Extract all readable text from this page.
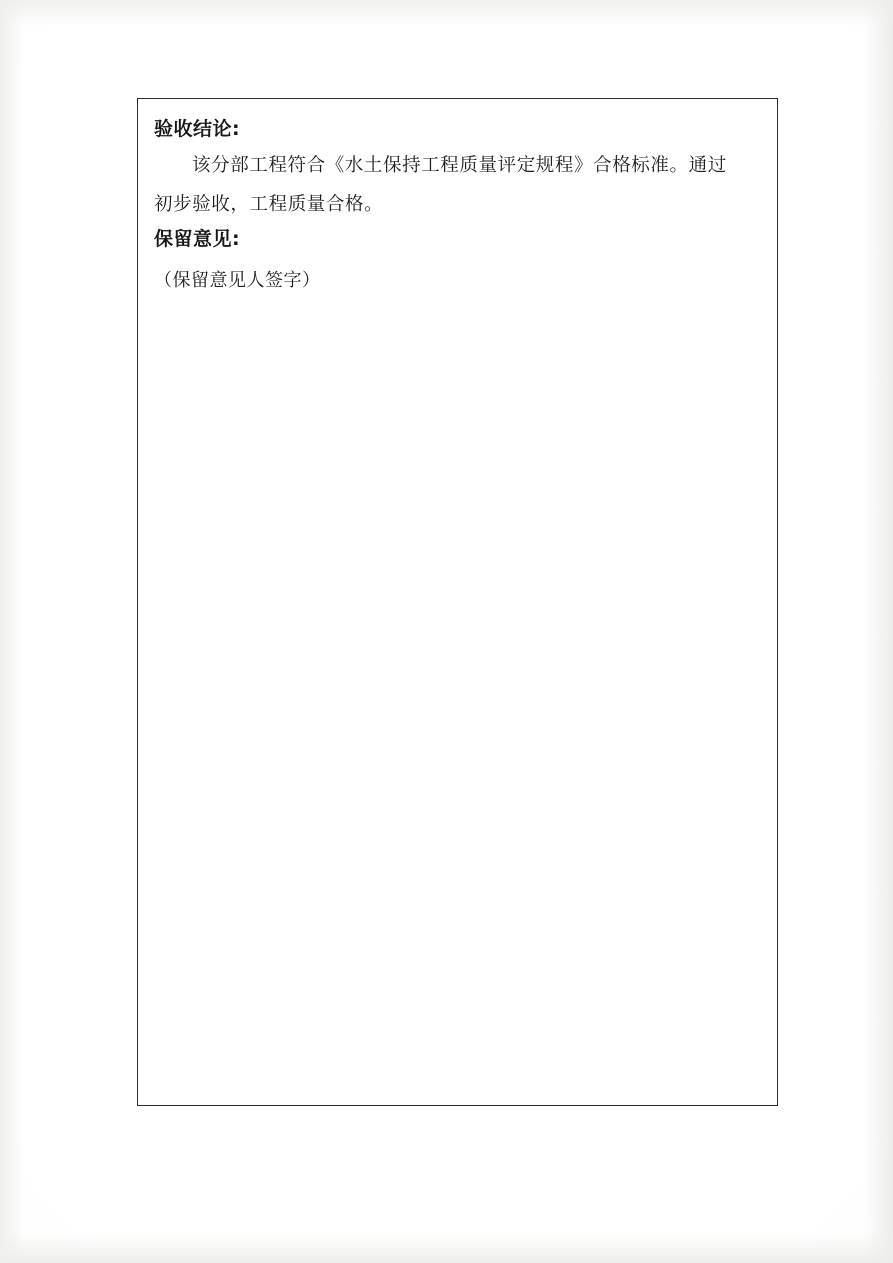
验收结论:
该分部工程符合《水土保持工程质量评定规程》合格标准。通过
初步验收，工程质量合格。
保留意见:
（保留意见人签字）
